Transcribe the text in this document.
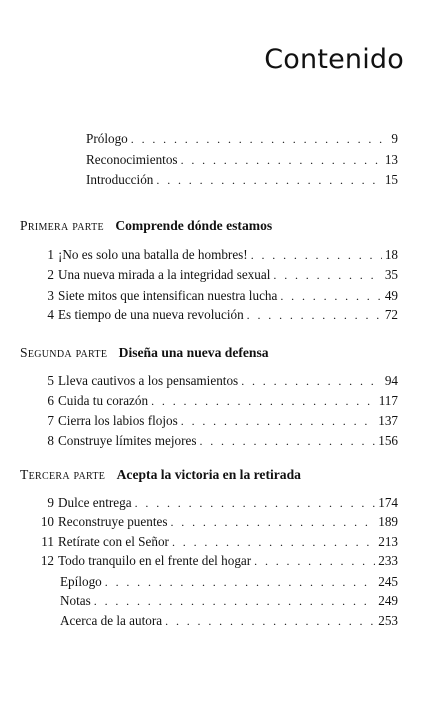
Contenido
Prólogo . . .	9
Reconocimientos . . .	13
Introducción . . .	15
Primera parte Comprende dónde estamos
1 ¡No es solo una batalla de hombres! . . .	18
2 Una nueva mirada a la integridad sexual . . .	35
3 Siete mitos que intensifican nuestra lucha . . .	49
4 Es tiempo de una nueva revolución . . .	72
Segunda parte Diseña una nueva defensa
5 Lleva cautivos a los pensamientos . . .	94
6 Cuida tu corazón . . .	117
7 Cierra los labios flojos . . .	137
8 Construye límites mejores . . .	156
Tercera parte Acepta la victoria en la retirada
9 Dulce entrega . . .	174
10 Reconstruye puentes . . .	189
11 Retírate con el Señor . . .	213
12 Todo tranquilo en el frente del hogar . . .	233
Epílogo . . .	245
Notas . . .	249
Acerca de la autora . . .	253
